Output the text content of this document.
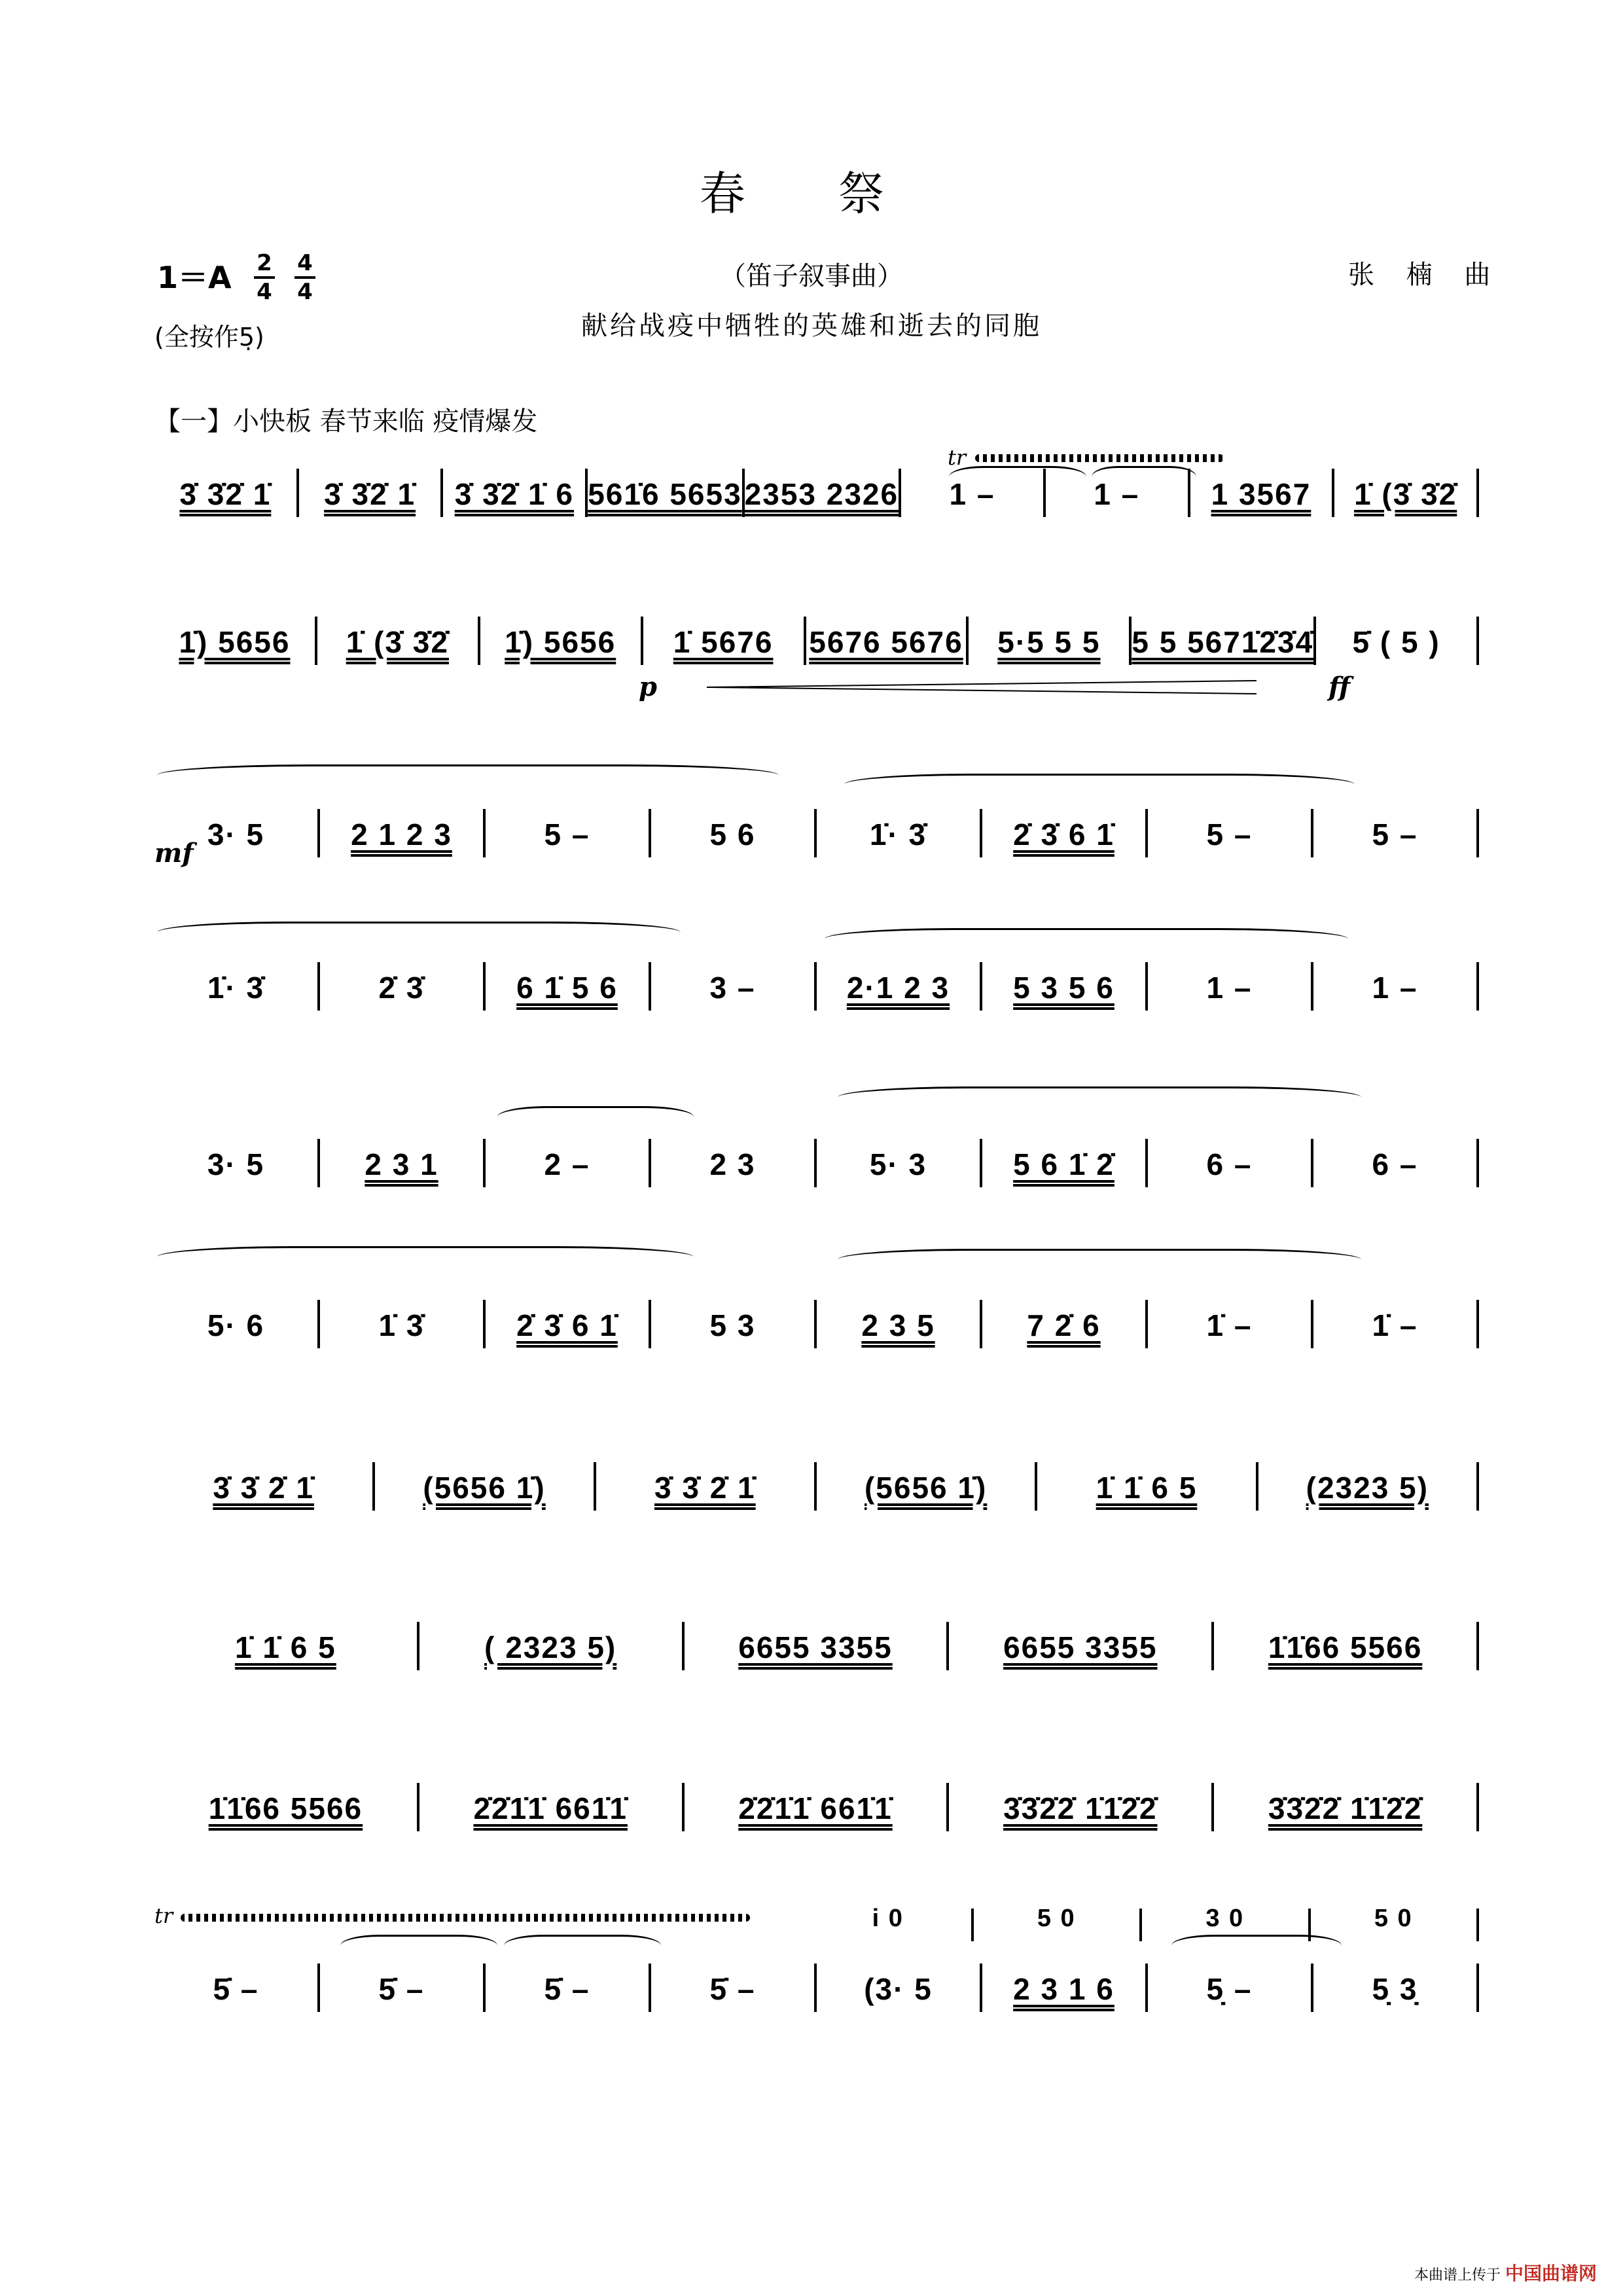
春 祭
1＝A 2
4
4
4
（笛子叙事曲）	张 楠 曲
(全按作5̣)	献给战疫中牺牲的英雄和逝去的同胞
【一】小快板 春节来临 疫情爆发
tr
3̇ 3̇2̇ 1̇	3̇ 3̇2̇ 1̇	3̇ 3̇2̇ 1̇ 6 561̇6 5653 2353 2326	1 –	1 –	1 3567	1̇ (3̇ 3̇2̇
1̇) 5656	1̇ (3̇ 3̇2̇	1̇) 5656	1̇ 5676	5676 5676	5·5 5 5	5 5 5671̇2̇3̇4̇	5̇ ( 5 )
p	ff
3· 5	2 1 2 3	5 –	5 6	1̇· 3̇	2̇ 3̇ 6 1̇	5 –	5 –
mf
1̇· 3̇	2̇ 3̇	6 1̇ 5 6	3 –	2·1 2 3	5 3 5 6	1 –	1 –
3· 5	2 3 1	2 –	2 3	5· 3	5 6 1̇ 2̇	6 –	6 –
5· 6	1̇ 3̇	2̇ 3̇ 6 1̇	5 3	2 3 5	7 2̇ 6	1̇ –	1̇ –
3̇ 3̇ 2̇ 1̇	(5656 1̇)	3̇ 3̇ 2̇ 1̇	(5656 1̇)	1̇ 1̇ 6 5	(2323 5)
1̇ 1̇ 6 5	( 2323 5)	6655 3355	6655 3355	1̇1̇66 5566
1̇1̇66 5566	2̇2̇1̇1̇ 661̇1̇	2̇2̇1̇1̇ 661̇1̇	3̇3̇2̇2̇ 1̇1̇2̇2̇	3̇3̇2̇2̇ 1̇1̇2̇2̇
tr	i 0	5 0	3 0	5 0
5̇ –	5̇ –	5̇ –	5̇ –	(3· 5	2 3 1 6	5̣ –	5̣ 3̣
本曲谱上传于 中国曲谱网
